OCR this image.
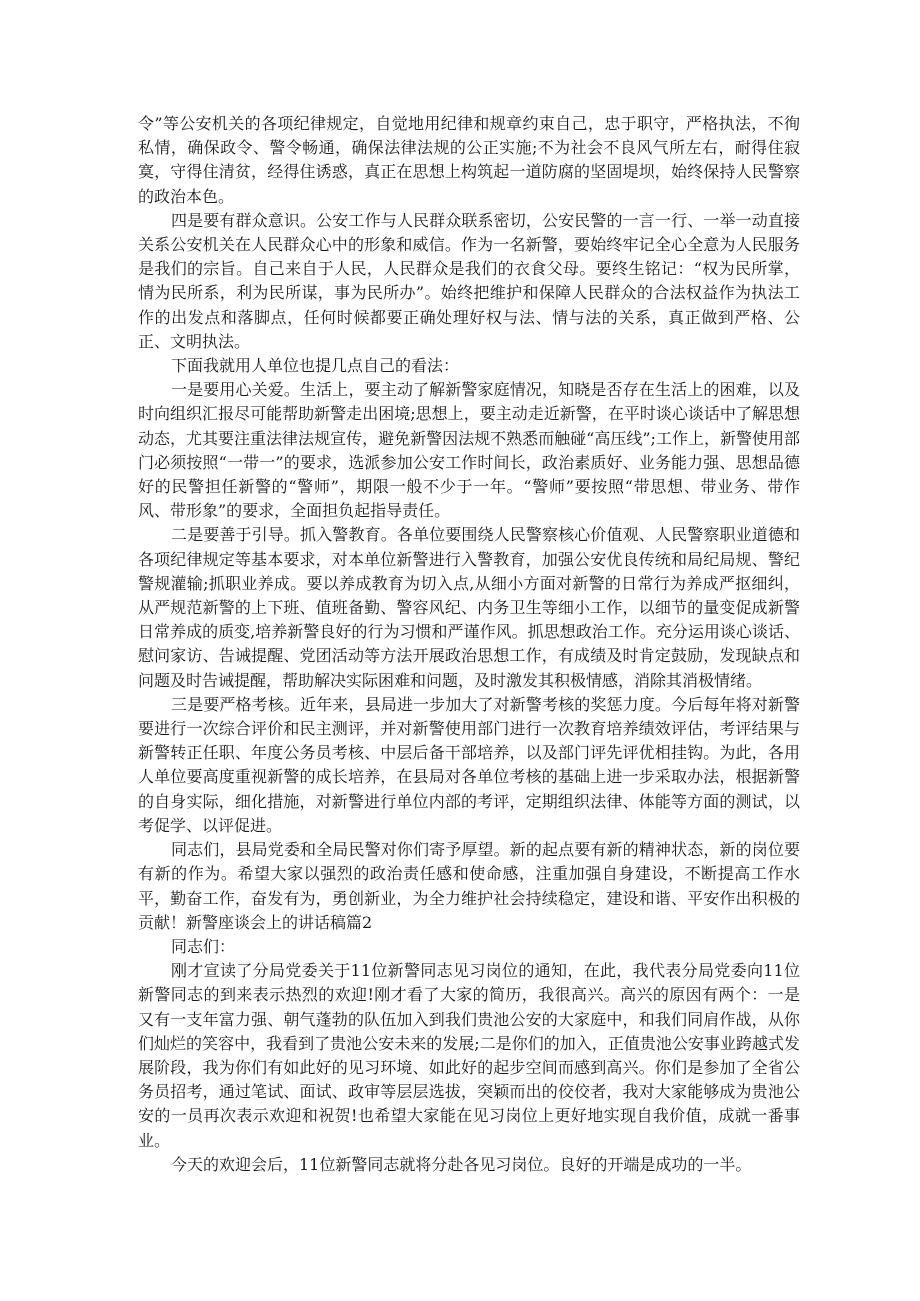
令”等公安机关的各项纪律规定，自觉地用纪律和规章约束自己，忠于职守，严格执法，不徇私情，确保政令、警令畅通，确保法律法规的公正实施;不为社会不良风气所左右，耐得住寂寞，守得住清贫，经得住诱惑，真正在思想上构筑起一道防腐的坚固堤坝，始终保持人民警察的政治本色。

四是要有群众意识。公安工作与人民群众联系密切，公安民警的一言一行、一举一动直接关系公安机关在人民群众心中的形象和威信。作为一名新警，要始终牢记全心全意为人民服务是我们的宗旨。自己来自于人民，人民群众是我们的衣食父母。要终生铭记：“权为民所掌，情为民所系，利为民所谋，事为民所办”。始终把维护和保障人民群众的合法权益作为执法工作的出发点和落脚点，任何时候都要正确处理好权与法、情与法的关系，真正做到严格、公正、文明执法。

下面我就用人单位也提几点自己的看法：

一是要用心关爱。生活上，要主动了解新警家庭情况，知晓是否存在生活上的困难，以及时向组织汇报尽可能帮助新警走出困境;思想上，要主动走近新警，在平时谈心谈话中了解思想动态，尤其要注重法律法规宣传，避免新警因法规不熟悉而触碰“高压线”;工作上，新警使用部门必须按照“一带一”的要求，选派参加公安工作时间长，政治素质好、业务能力强、思想品德好的民警担任新警的“警师”，期限一般不少于一年。“警师”要按照“带思想、带业务、带作风、带形象”的要求，全面担负起指导责任。

二是要善于引导。抓入警教育。各单位要围绕人民警察核心价值观、人民警察职业道德和各项纪律规定等基本要求，对本单位新警进行入警教育，加强公安优良传统和局纪局规、警纪警规灌输;抓职业养成。要以养成教育为切入点,从细小方面对新警的日常行为养成严抠细纠，从严规范新警的上下班、值班备勤、警容风纪、内务卫生等细小工作，以细节的量变促成新警日常养成的质变,培养新警良好的行为习惯和严谨作风。抓思想政治工作。充分运用谈心谈话、慰问家访、告诫提醒、党团活动等方法开展政治思想工作，有成绩及时肯定鼓励，发现缺点和问题及时告诫提醒，帮助解决实际困难和问题，及时激发其积极情感，消除其消极情绪。

三是要严格考核。近年来，县局进一步加大了对新警考核的奖惩力度。今后每年将对新警要进行一次综合评价和民主测评，并对新警使用部门进行一次教育培养绩效评估，考评结果与新警转正任职、年度公务员考核、中层后备干部培养，以及部门评先评优相挂钩。为此，各用人单位要高度重视新警的成长培养，在县局对各单位考核的基础上进一步采取办法，根据新警的自身实际，细化措施，对新警进行单位内部的考评，定期组织法律、体能等方面的测试，以考促学、以评促进。

同志们，县局党委和全局民警对你们寄予厚望。新的起点要有新的精神状态，新的岗位要有新的作为。希望大家以强烈的政治责任感和使命感，注重加强自身建设，不断提高工作水平，勤奋工作，奋发有为，勇创新业，为全力维护社会持续稳定，建设和谐、平安作出积极的贡献！新警座谈会上的讲话稿篇2

同志们：

刚才宣读了分局党委关于11位新警同志见习岗位的通知，在此，我代表分局党委向11位新警同志的到来表示热烈的欢迎!刚才看了大家的简历，我很高兴。高兴的原因有两个：一是又有一支年富力强、朝气蓬勃的队伍加入到我们贵池公安的大家庭中，和我们同肩作战，从你们灿烂的笑容中，我看到了贵池公安未来的发展;二是你们的加入，正值贵池公安事业跨越式发展阶段，我为你们有如此好的见习环境、如此好的起步空间而感到高兴。你们是参加了全省公务员招考，通过笔试、面试、政审等层层选拔，突颖而出的佼佼者，我对大家能够成为贵池公安的一员再次表示欢迎和祝贺!也希望大家能在见习岗位上更好地实现自我价值，成就一番事业。

今天的欢迎会后，11位新警同志就将分赴各见习岗位。良好的开端是成功的一半。
